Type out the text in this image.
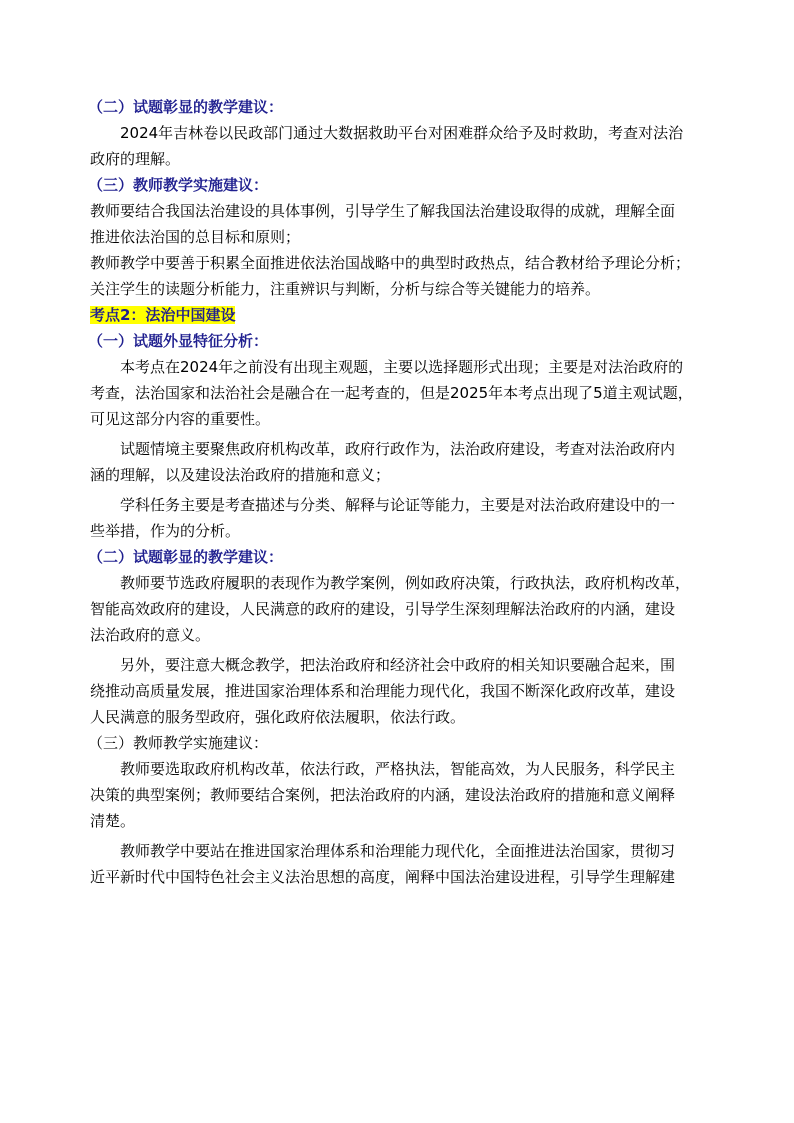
（二）试题彰显的教学建议：
2024年吉林卷以民政部门通过大数据救助平台对困难群众给予及时救助，考查对法治
政府的理解。
（三）教师教学实施建议：
教师要结合我国法治建设的具体事例，引导学生了解我国法治建设取得的成就，理解全面
推进依法治国的总目标和原则；
教师教学中要善于积累全面推进依法治国战略中的典型时政热点，结合教材给予理论分析；
关注学生的读题分析能力，注重辨识与判断，分析与综合等关键能力的培养。
考点2：法治中国建设
（一）试题外显特征分析：
本考点在2024年之前没有出现主观题，主要以选择题形式出现；主要是对法治政府的
考查，法治国家和法治社会是融合在一起考查的，但是2025年本考点出现了5道主观试题，
可见这部分内容的重要性。
试题情境主要聚焦政府机构改革，政府行政作为，法治政府建设，考查对法治政府内
涵的理解，以及建设法治政府的措施和意义；
学科任务主要是考查描述与分类、解释与论证等能力，主要是对法治政府建设中的一
些举措，作为的分析。
（二）试题彰显的教学建议：
教师要节选政府履职的表现作为教学案例，例如政府决策，行政执法，政府机构改革，
智能高效政府的建设，人民满意的政府的建设，引导学生深刻理解法治政府的内涵，建设
法治政府的意义。
另外，要注意大概念教学，把法治政府和经济社会中政府的相关知识要融合起来，围
绕推动高质量发展，推进国家治理体系和治理能力现代化，我国不断深化政府改革，建设
人民满意的服务型政府，强化政府依法履职，依法行政。
（三）教师教学实施建议：
教师要选取政府机构改革，依法行政，严格执法，智能高效，为人民服务，科学民主
决策的典型案例；教师要结合案例，把法治政府的内涵，建设法治政府的措施和意义阐释
清楚。
教师教学中要站在推进国家治理体系和治理能力现代化，全面推进法治国家，贯彻习
近平新时代中国特色社会主义法治思想的高度，阐释中国法治建设进程，引导学生理解建
